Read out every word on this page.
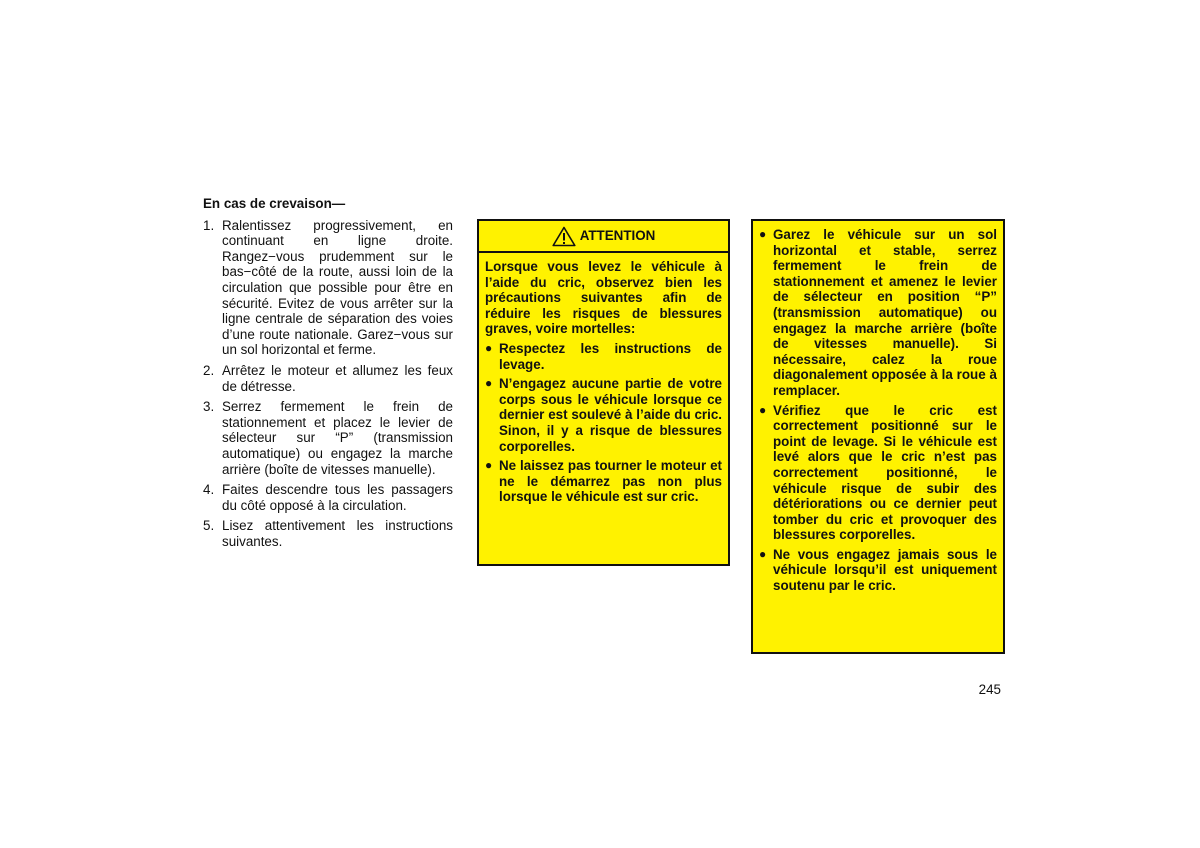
En cas de crevaison—
1. Ralentissez progressivement, en continuant en ligne droite. Rangez−vous prudemment sur le bas−côté de la route, aussi loin de la circulation que possible pour être en sécurité. Evitez de vous arrêter sur la ligne centrale de séparation des voies d’une route nationale. Garez−vous sur un sol horizontal et ferme.
2. Arrêtez le moteur et allumez les feux de détresse.
3. Serrez fermement le frein de stationnement et placez le levier de sélecteur sur “P” (transmission automatique) ou engagez la marche arrière (boîte de vitesses manuelle).
4. Faites descendre tous les passagers du côté opposé à la circulation.
5. Lisez attentivement les instructions suivantes.
ATTENTION

Lorsque vous levez le véhicule à l’aide du cric, observez bien les précautions suivantes afin de réduire les risques de blessures graves, voire mortelles:

● Respectez les instructions de levage.
● N’engagez aucune partie de votre corps sous le véhicule lorsque ce dernier est soulevé à l’aide du cric. Sinon, il y a risque de blessures corporelles.
● Ne laissez pas tourner le moteur et ne le démarrez pas non plus lorsque le véhicule est sur cric.
● Garez le véhicule sur un sol horizontal et stable, serrez fermement le frein de stationnement et amenez le levier de sélecteur en position “P” (transmission automatique) ou engagez la marche arrière (boîte de vitesses manuelle). Si nécessaire, calez la roue diagonalement opposée à la roue à remplacer.
● Vérifiez que le cric est correctement positionné sur le point de levage. Si le véhicule est levé alors que le cric n’est pas correctement positionné, le véhicule risque de subir des détériorations ou ce dernier peut tomber du cric et provoquer des blessures corporelles.
● Ne vous engagez jamais sous le véhicule lorsqu’il est uniquement soutenu par le cric.
245
